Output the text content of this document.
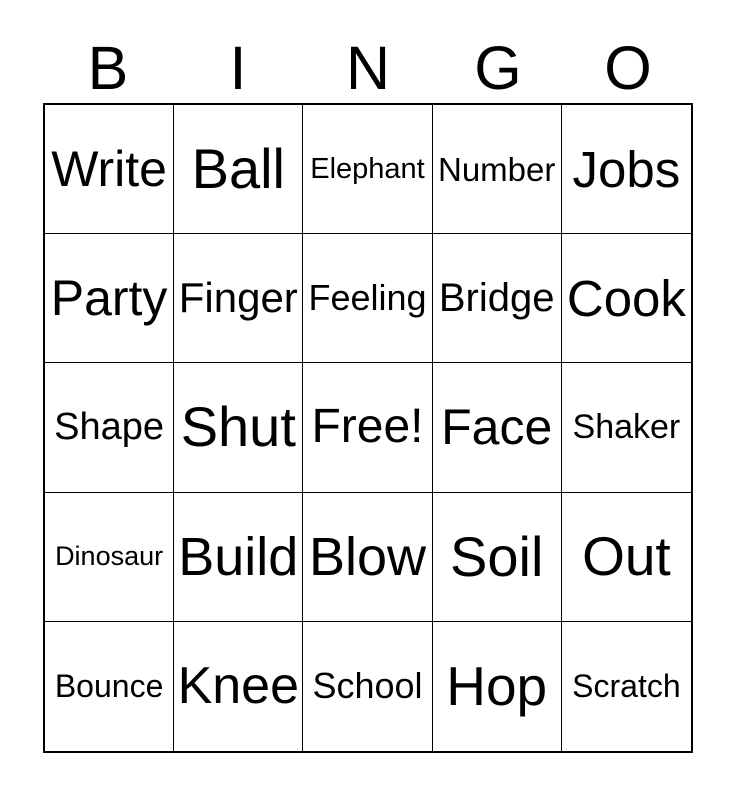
B	I	N	G	O
Write Ball Elephant Number Jobs
Party Finger Feeling Bridge Cook
Shape Shut Free! Face Shaker
Dinosaur Build Blow Soil Out
Bounce Knee School Hop Scratch
